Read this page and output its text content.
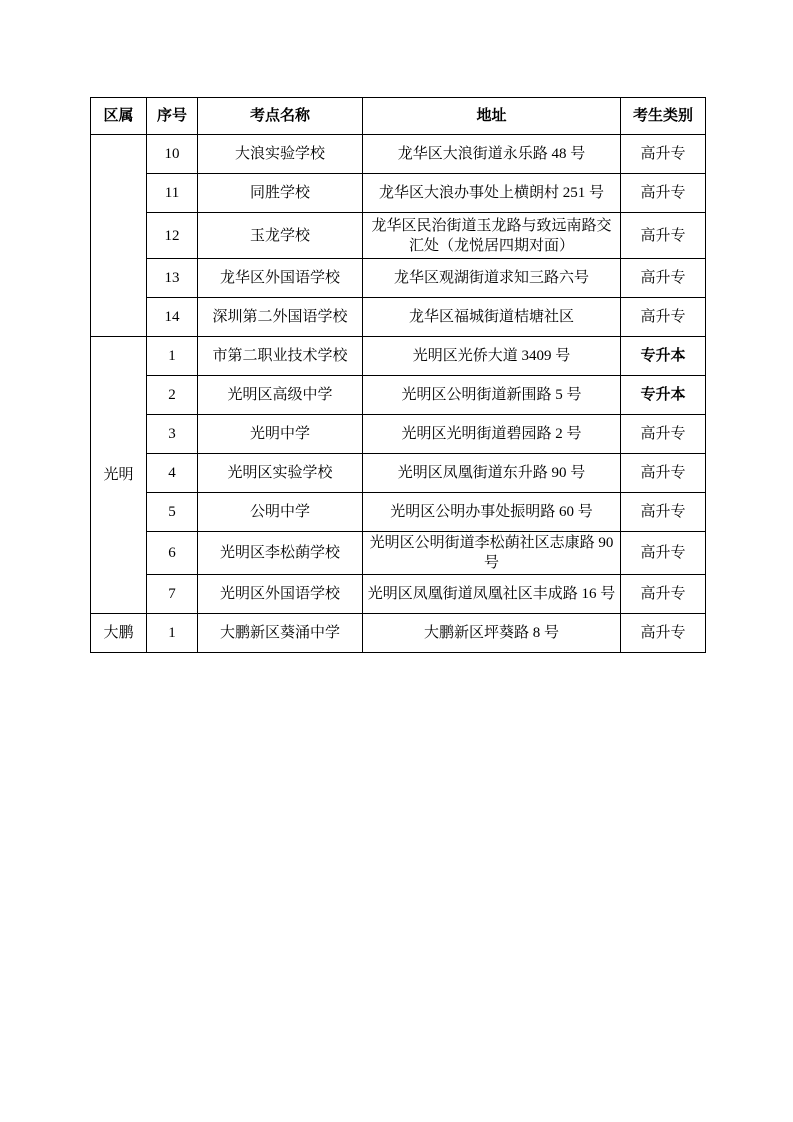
区属	序号	考点名称	地址	考生类别
	10	大浪实验学校	龙华区大浪街道永乐路 48 号	高升专
	11	同胜学校	龙华区大浪办事处上横朗村 251 号	高升专
	12	玉龙学校	龙华区民治街道玉龙路与致远南路交汇处（龙悦居四期对面）	高升专
	13	龙华区外国语学校	龙华区观湖街道求知三路六号	高升专
	14	深圳第二外国语学校	龙华区福城街道桔塘社区	高升专
光明	1	市第二职业技术学校	光明区光侨大道 3409 号	专升本
	2	光明区高级中学	光明区公明街道新围路 5 号	专升本
	3	光明中学	光明区光明街道碧园路 2 号	高升专
	4	光明区实验学校	光明区凤凰街道东升路 90 号	高升专
	5	公明中学	光明区公明办事处振明路 60 号	高升专
	6	光明区李松蓢学校	光明区公明街道李松蓢社区志康路 90 号	高升专
	7	光明区外国语学校	光明区凤凰街道凤凰社区丰成路 16 号	高升专
大鹏	1	大鹏新区葵涌中学	大鹏新区坪葵路 8 号	高升专
